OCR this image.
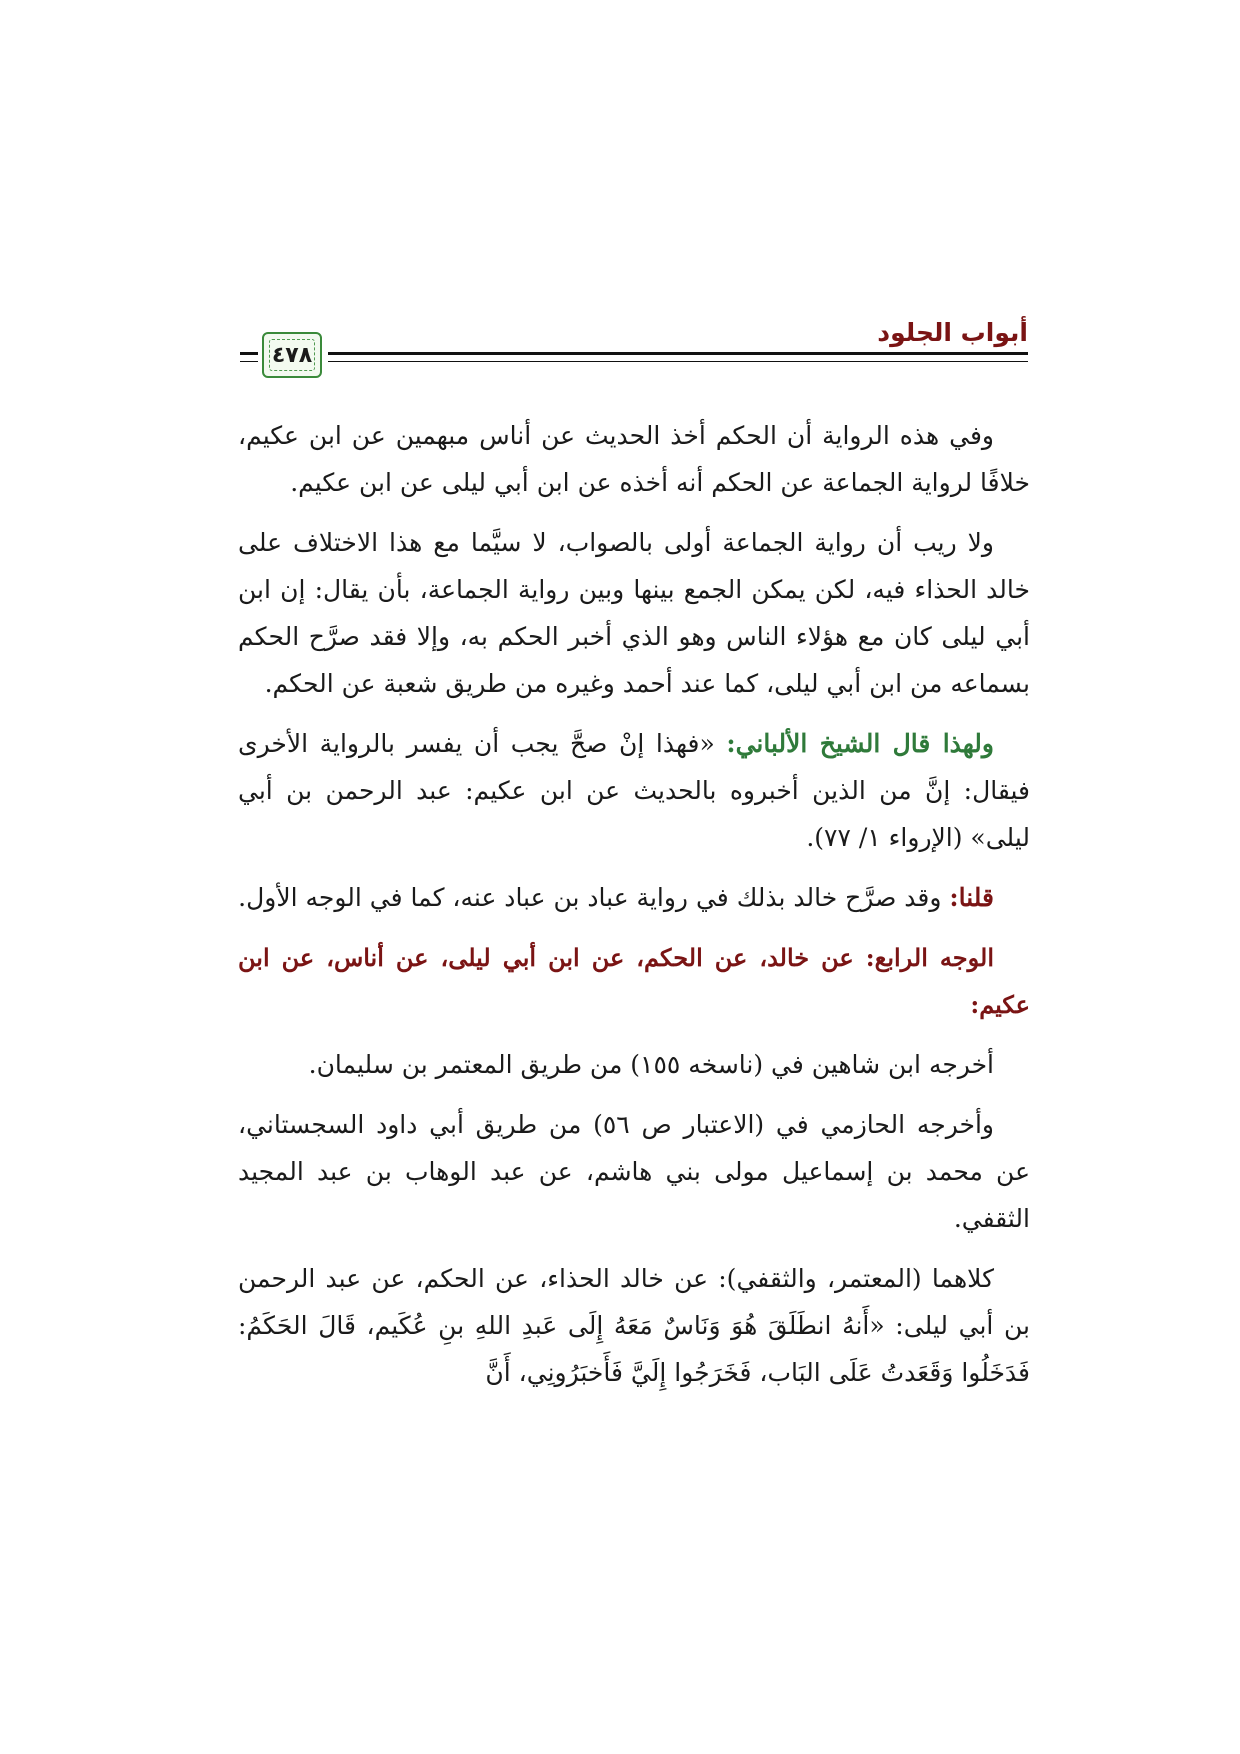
أبواب الجلود
٤٧٨

وفي هذه الرواية أن الحكم أخذ الحديث عن أناس مبهمين عن ابن عكيم، خلافًا لرواية الجماعة عن الحكم أنه أخذه عن ابن أبي ليلى عن ابن عكيم.

ولا ريب أن رواية الجماعة أولى بالصواب، لا سيَّما مع هذا الاختلاف على خالد الحذاء فيه، لكن يمكن الجمع بينها وبين رواية الجماعة، بأن يقال: إن ابن أبي ليلى كان مع هؤلاء الناس وهو الذي أخبر الحكم به، وإلا فقد صرَّح الحكم بسماعه من ابن أبي ليلى، كما عند أحمد وغيره من طريق شعبة عن الحكم.

ولهذا قال الشيخ الألباني: «فهذا إنْ صحَّ يجب أن يفسر بالرواية الأخرى فيقال: إنَّ من الذين أخبروه بالحديث عن ابن عكيم: عبد الرحمن بن أبي ليلى» (الإرواء ١/ ٧٧).

قلنا: وقد صرَّح خالد بذلك في رواية عباد بن عباد عنه، كما في الوجه الأول.

الوجه الرابع: عن خالد، عن الحكم، عن ابن أبي ليلى، عن أناس، عن ابن عكيم:

أخرجه ابن شاهين في (ناسخه ١٥٥) من طريق المعتمر بن سليمان.

وأخرجه الحازمي في (الاعتبار ص ٥٦) من طريق أبي داود السجستاني، عن محمد بن إسماعيل مولى بني هاشم، عن عبد الوهاب بن عبد المجيد الثقفي.

كلاهما (المعتمر، والثقفي): عن خالد الحذاء، عن الحكم، عن عبد الرحمن بن أبي ليلى: «أَنهُ انطَلَقَ هُوَ وَنَاسٌ مَعَهُ إِلَى عَبدِ اللهِ بنِ عُكَيم، قَالَ الحَكَمُ: فَدَخَلُوا وَقَعَدتُ عَلَى البَاب، فَخَرَجُوا إِلَيَّ فَأَخبَرُونِي، أَنَّ
